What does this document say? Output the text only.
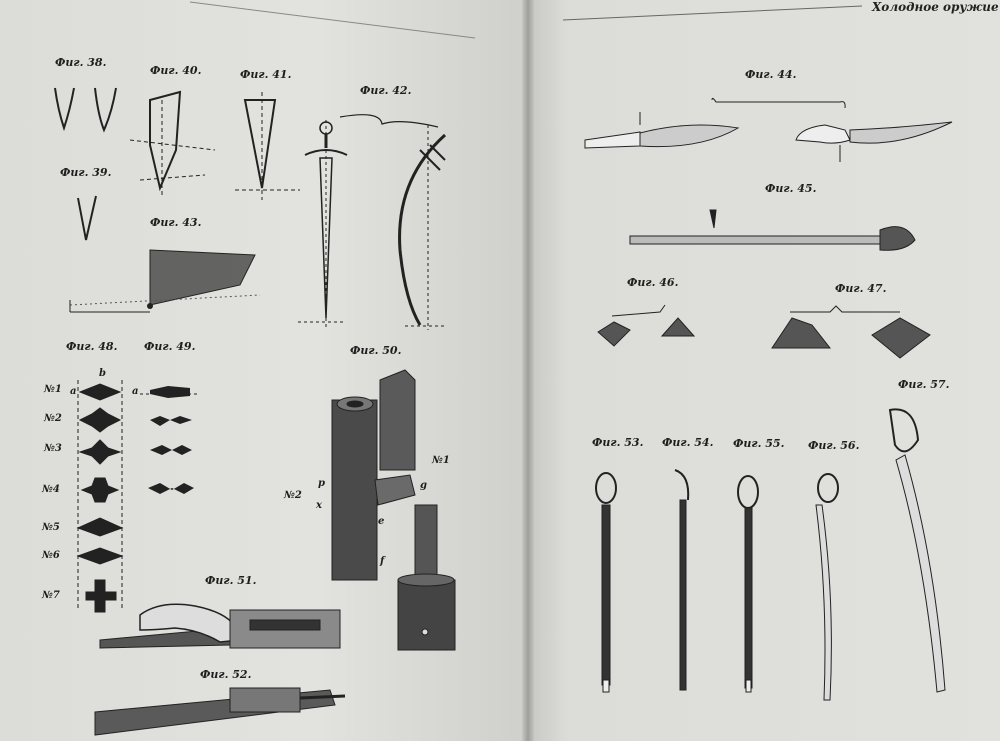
Холодное оружие
Фиг. 38.
Фиг. 39.
Фиг. 40.	Фиг. 41.
Фиг. 42.
Фиг. 43.
Фиг. 48. Фиг. 49.	Фиг. 50.
Фиг. 51.
Фиг. 52.
Фиг. 44.
Фиг. 45.
Фиг. 46.	Фиг. 47.
Фиг. 53. Фиг. 54. Фиг. 55. Фиг. 56.
Фиг. 57.
№1
№2
№3
№4
№5
№6
№7
a	a
b
№1
№2
p
x
e
f
g
